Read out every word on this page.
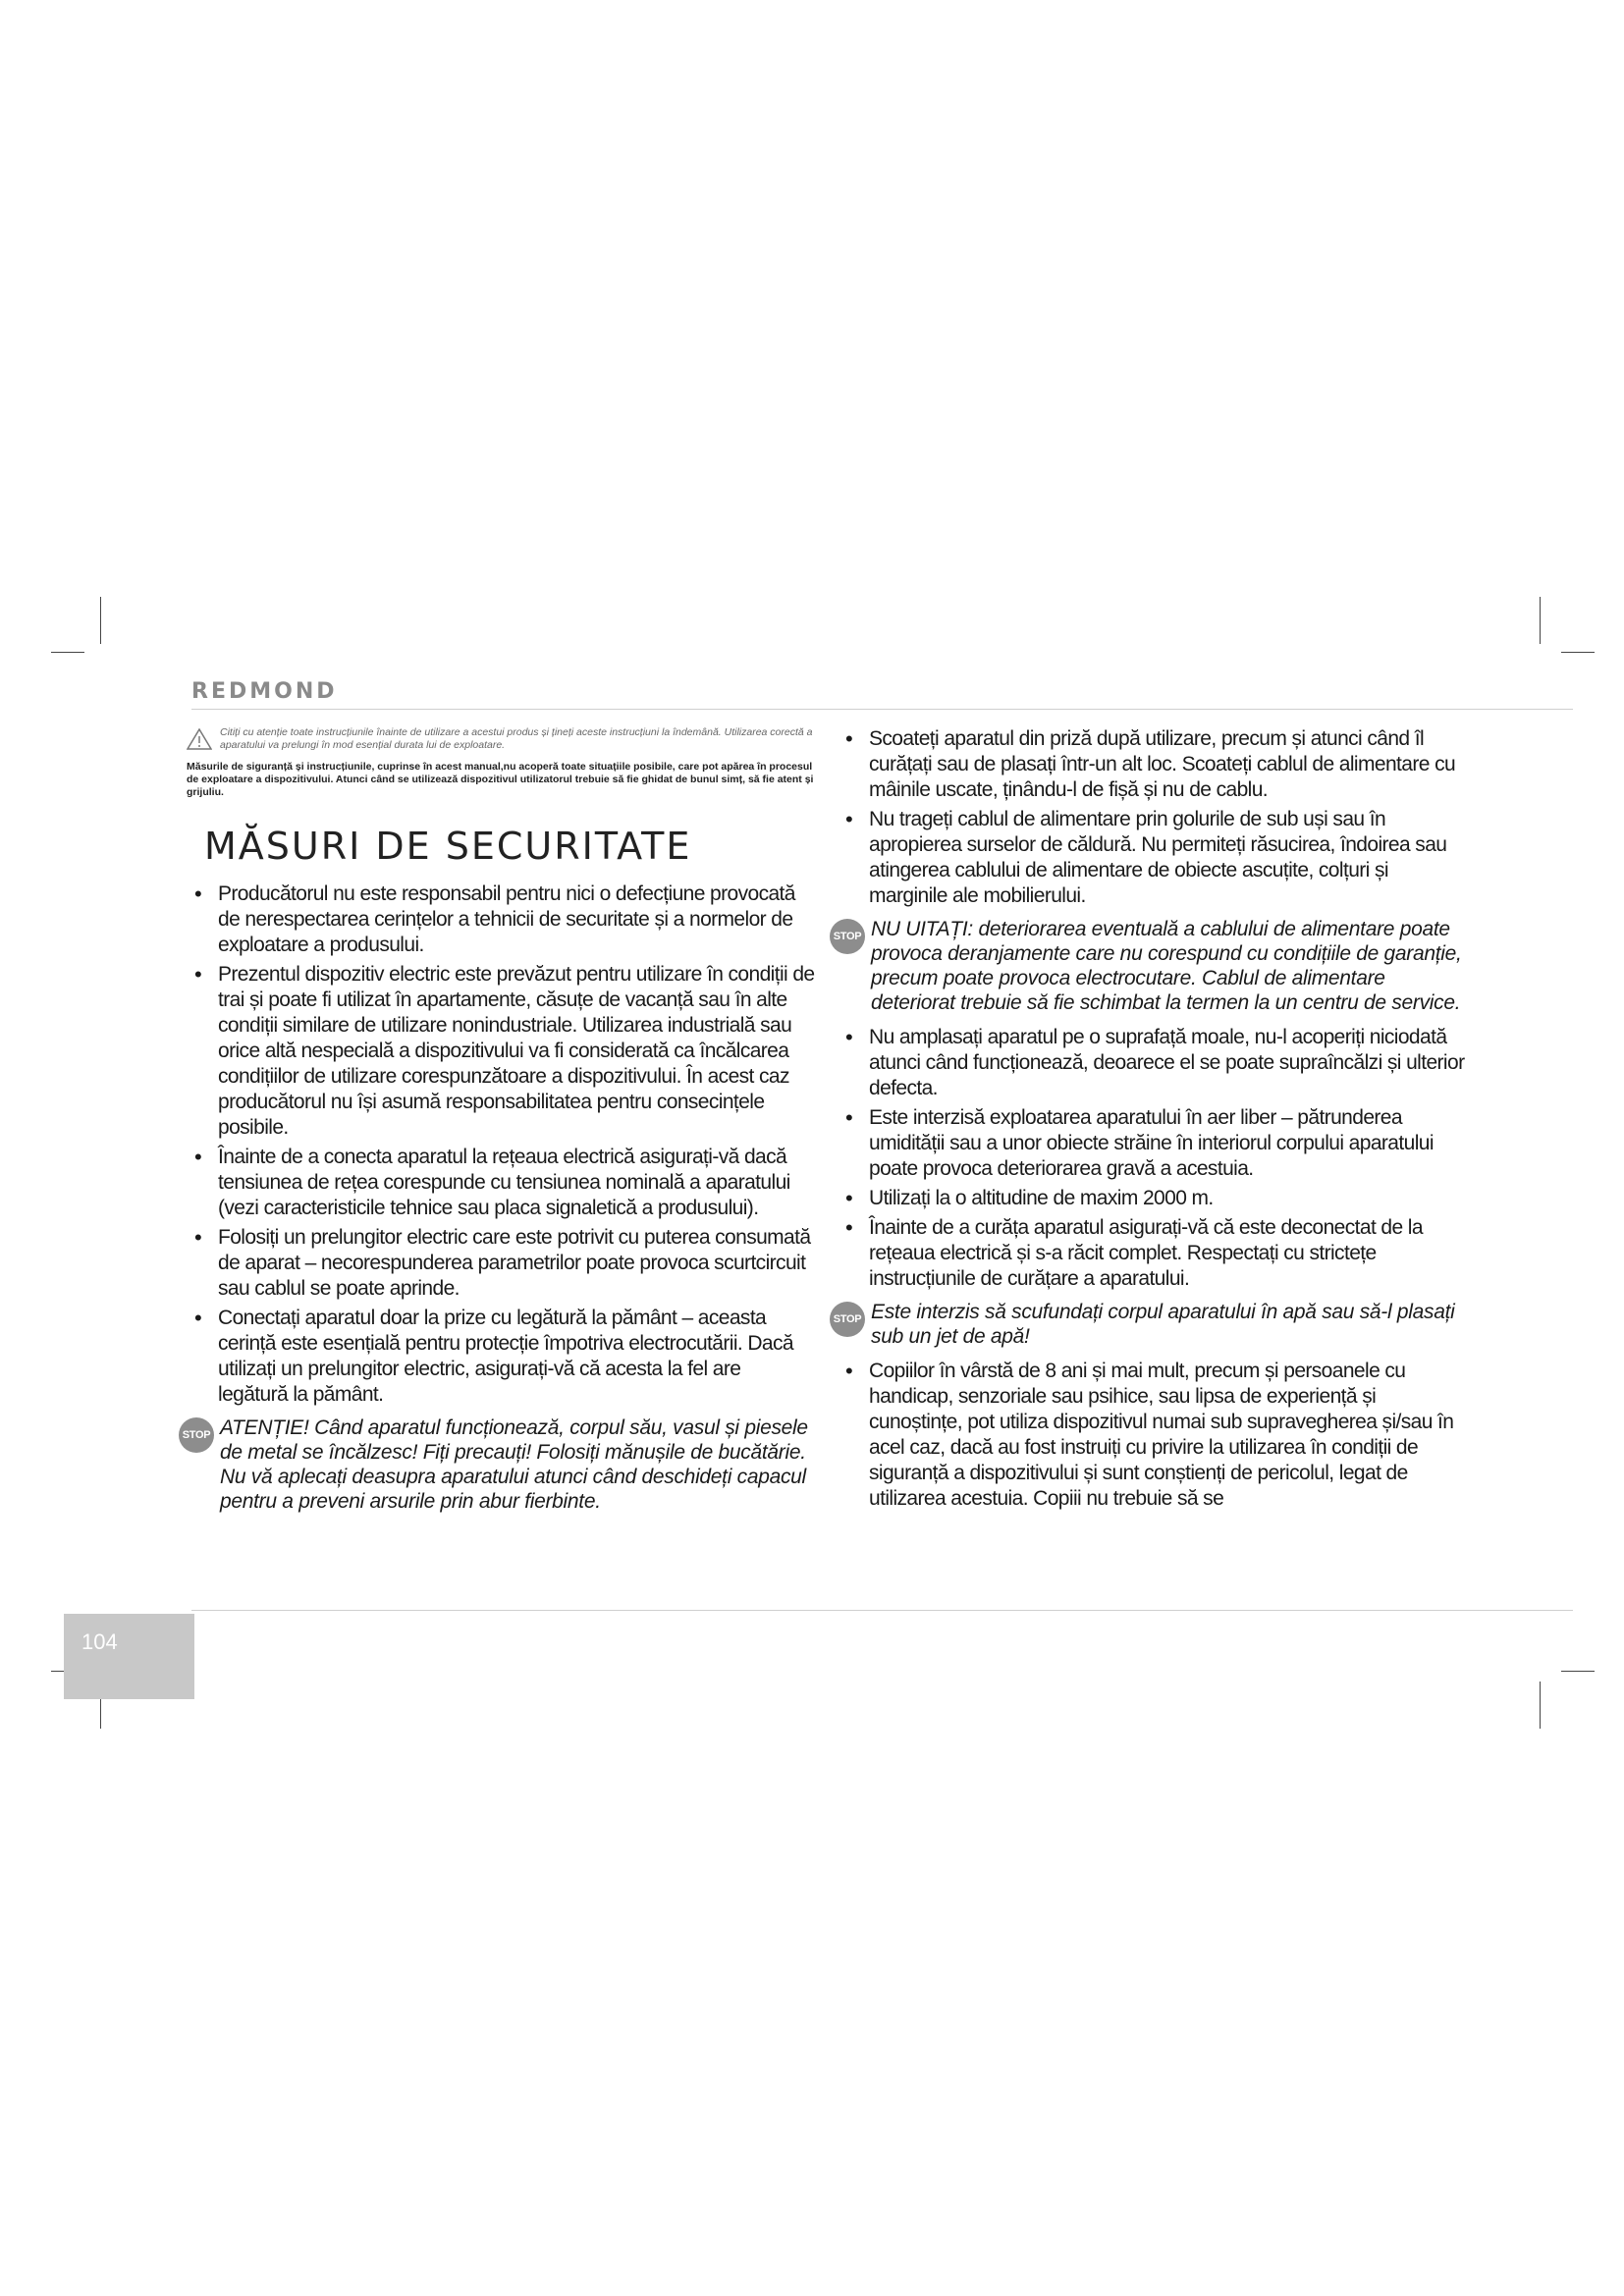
REDMOND
Citiți cu atenție toate instrucțiunile înainte de utilizare a acestui produs și țineți aceste instrucțiuni la îndemână. Utilizarea corectă a aparatului va prelungi în mod esențial durata lui de exploatare.
Măsurile de siguranță și instrucțiunile, cuprinse în acest manual,nu acoperă toate situațiile posibile, care pot apărea în procesul de exploatare a dispozitivului. Atunci când se utilizează dispozitivul utilizatorul trebuie să fie ghidat de bunul simț, să fie atent și grijuliu.
MĂSURI DE SECURITATE
• Producătorul nu este responsabil pentru nici o defecțiune provocată de nerespectarea cerințelor a tehnicii de securitate și a normelor de exploatare a produsului.
• Prezentul dispozitiv electric este prevăzut pentru utilizare în condiții de trai și poate fi utilizat în apartamente, căsuțe de vacanță sau în alte condiții similare de utilizare nonindustriale. Utilizarea industrială sau orice altă nespecială a dispozitivului va fi considerată ca încălcarea condițiilor de utilizare corespunzătoare a dispozitivului. În acest caz producătorul nu își asumă responsabilitatea pentru consecințele posibile.
• Înainte de a conecta aparatul la rețeaua electrică asigurați-vă dacă tensiunea de rețea corespunde cu tensiunea nominală a aparatului (vezi caracteristicile tehnice sau placa signaletică a produsului).
• Folosiți un prelungitor electric care este potrivit cu puterea consumată de aparat – necorespunderea parametrilor poate provoca scurtcircuit sau cablul se poate aprinde.
• Conectați aparatul doar la prize cu legătură la pământ – aceasta cerință este esențială pentru protecție împotriva electrocutării. Dacă utilizați un prelungitor electric, asigurați-vă că acesta la fel are legătură la pământ.
STOP ATENȚIE! Când aparatul funcționează, corpul său, vasul și piesele de metal se încălzesc! Fiți precauți! Folosiți mănușile de bucătărie. Nu vă aplecați deasupra aparatului atunci când deschideți capacul pentru a preveni arsurile prin abur fierbinte.
• Scoateți aparatul din priză după utilizare, precum și atunci când îl curățați sau de plasați într-un alt loc. Scoateți cablul de alimentare cu mâinile uscate, ținându-l de fișă și nu de cablu.
• Nu trageți cablul de alimentare prin golurile de sub uși sau în apropierea surselor de căldură. Nu permiteți răsucirea, îndoirea sau atingerea cablului de alimentare de obiecte ascuțite, colțuri și marginile ale mobilierului.
STOP NU UITAȚI: deteriorarea eventuală a cablului de alimentare poate provoca deranjamente care nu corespund cu condițiile de garanție, precum poate provoca electrocutare. Cablul de alimentare deteriorat trebuie să fie schimbat la termen la un centru de service.
• Nu amplasați aparatul pe o suprafață moale, nu-l acoperiți niciodată atunci când funcționează, deoarece el se poate supraîncălzi și ulterior defecta.
• Este interzisă exploatarea aparatului în aer liber – pătrunderea umidității sau a unor obiecte străine în interiorul corpului aparatului poate provoca deteriorarea gravă a acestuia.
• Utilizați la o altitudine de maxim 2000 m.
• Înainte de a curăța aparatul asigurați-vă că este deconectat de la rețeaua electrică și s-a răcit complet. Respectați cu strictețe instrucțiunile de curățare a aparatului.
STOP Este interzis să scufundați corpul aparatului în apă sau să-l plasați sub un jet de apă!
• Copiilor în vârstă de 8 ani și mai mult, precum și persoanele cu handicap, senzoriale sau psihice, sau lipsa de experiență și cunoștințe, pot utiliza dispozitivul numai sub supravegherea și/sau în acel caz, dacă au fost instruiți cu privire la utilizarea în condiții de siguranță a dispozitivului și sunt conștienți de pericolul, legat de utilizarea acestuia. Copiii nu trebuie să se
104
